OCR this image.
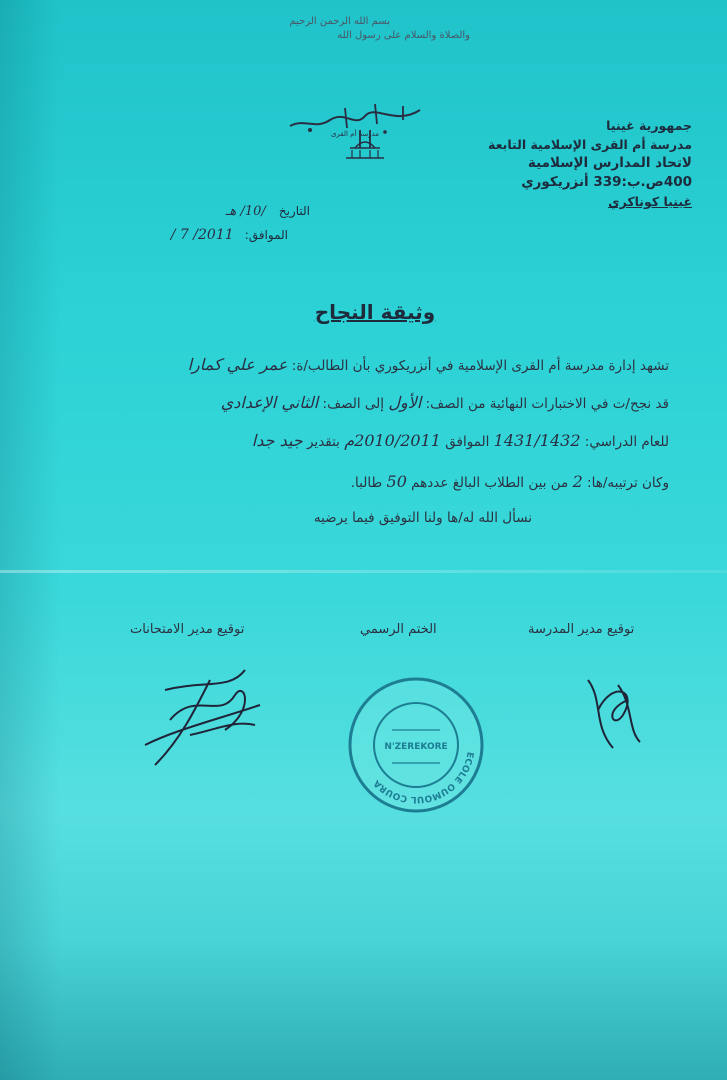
بسم الله الرحمن الرحيم
والصلاة والسلام على رسول الله
مدرسة أم القرى
جمهورية غينيا
مدرسة أم القرى الإسلامية التابعة
لاتحاد المدارس الإسلامية
400ص.ب:339 أنزريكوري
غينيا كوناكري
التاريخ /10/ هـ
الموافق: 2011/ 7 /
وثيقة النجاح
تشهد إدارة مدرسة أم القرى الإسلامية في أنزريكوري بأن الطالب/ة: عمر علي كمارا
قد نجح/ت في الاختبارات النهائية من الصف: الأول إلى الصف: الثاني الإعدادي
للعام الدراسي: 1431/1432 الموافق 2010/2011م بتقدير جيد جدا
وكان ترتيبه/ها: 2 من بين الطلاب البالغ عددهم 50 طالبا.
نسأل الله له/ها ولنا التوفيق فيما يرضيه
توقيع مدير المدرسة
الختم الرسمي
توقيع مدير الامتحانات
ECOLE OUMOUL COURA
N'ZEREKORE
